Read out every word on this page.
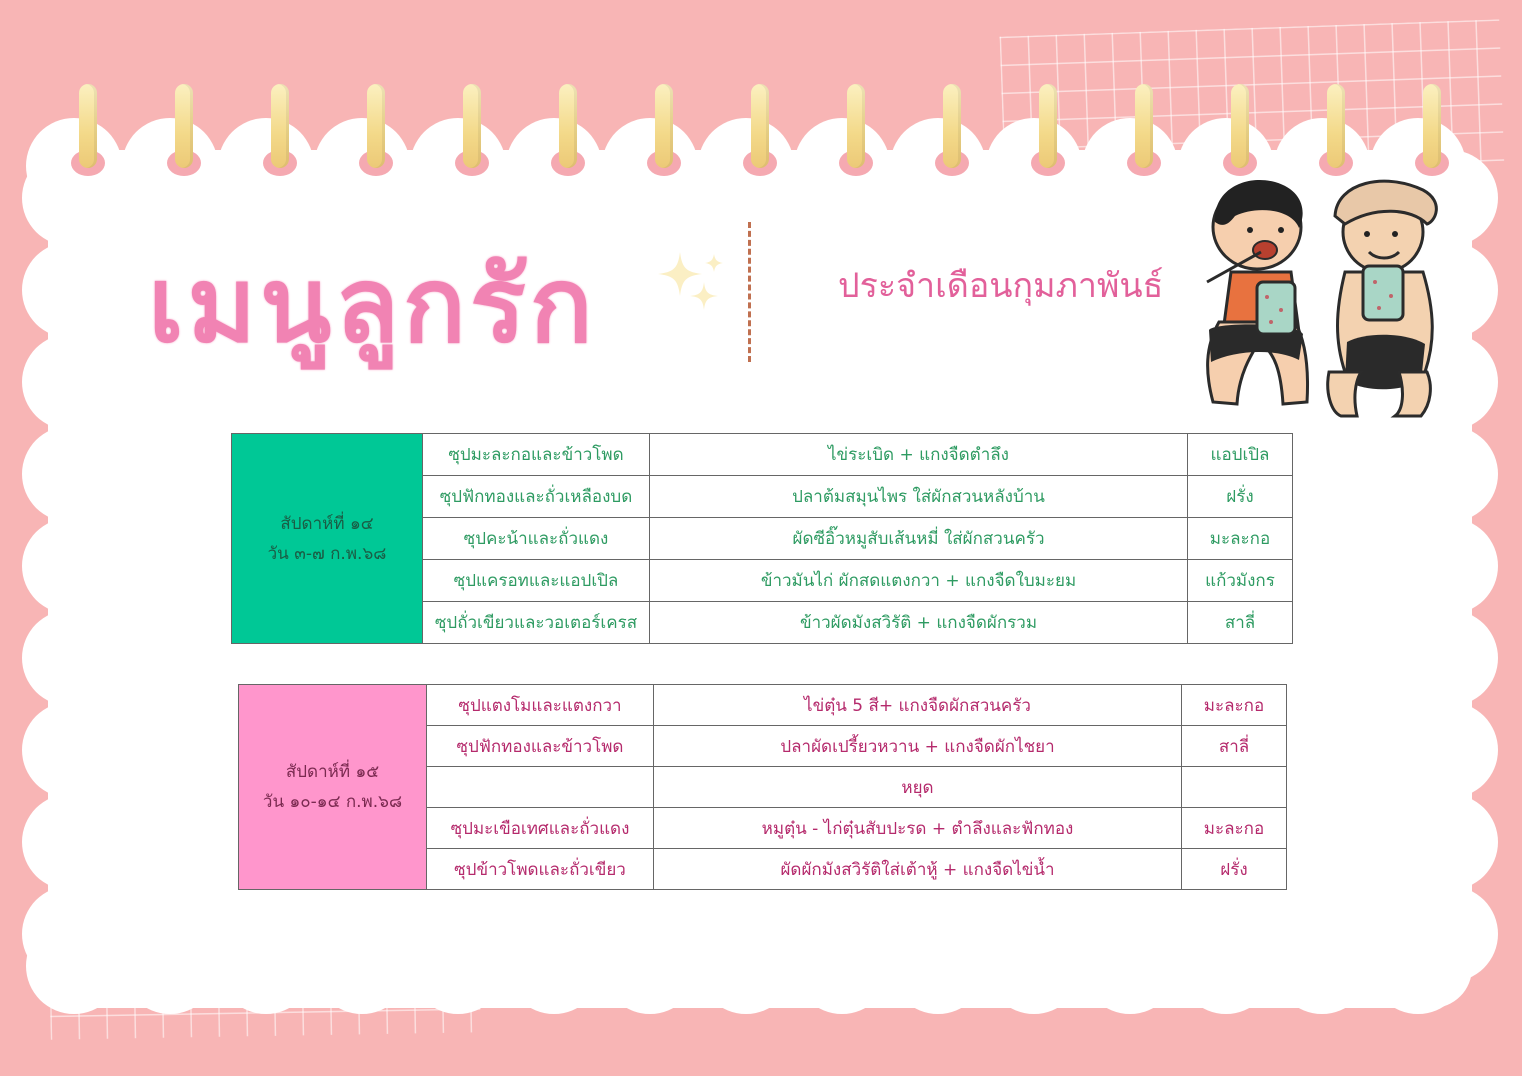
เมนูลูกรัก	ประจำเดือนกุมภาพันธ์
สัปดาห์ที่ ๑๔
วัน ๓-๗ ก.พ.๖๘	ซุปมะละกอและข้าวโพด	ไข่ระเบิด + แกงจืดตำลึง	แอปเปิล
	ซุปฟักทองและถั่วเหลืองบด	ปลาต้มสมุนไพร ใส่ผักสวนหลังบ้าน	ฝรั่ง
	ซุปคะน้าและถั่วแดง	ผัดซีอิ๊วหมูสับเส้นหมี่ ใส่ผักสวนครัว	มะละกอ
	ซุปแครอทและแอปเปิล	ข้าวมันไก่ ผักสดแตงกวา + แกงจืดใบมะยม	แก้วมังกร
	ซุปถั่วเขียวและวอเตอร์เครส	ข้าวผัดมังสวิรัติ + แกงจืดผักรวม	สาลี่
สัปดาห์ที่ ๑๕
วัน ๑๐-๑๔ ก.พ.๖๘	ซุปแตงโมและแตงกวา	ไข่ตุ๋น 5 สี+ แกงจืดผักสวนครัว	มะละกอ
	ซุปฟักทองและข้าวโพด	ปลาผัดเปรี้ยวหวาน + แกงจืดผักไชยา	สาลี่
		หยุด	
	ซุปมะเขือเทศและถั่วแดง	หมูตุ๋น - ไก่ตุ๋นสับปะรด + ตำลึงและฟักทอง	มะละกอ
	ซุปข้าวโพดและถั่วเขียว	ผัดผักมังสวิรัติใส่เต้าหู้ + แกงจืดไข่น้ำ	ฝรั่ง
